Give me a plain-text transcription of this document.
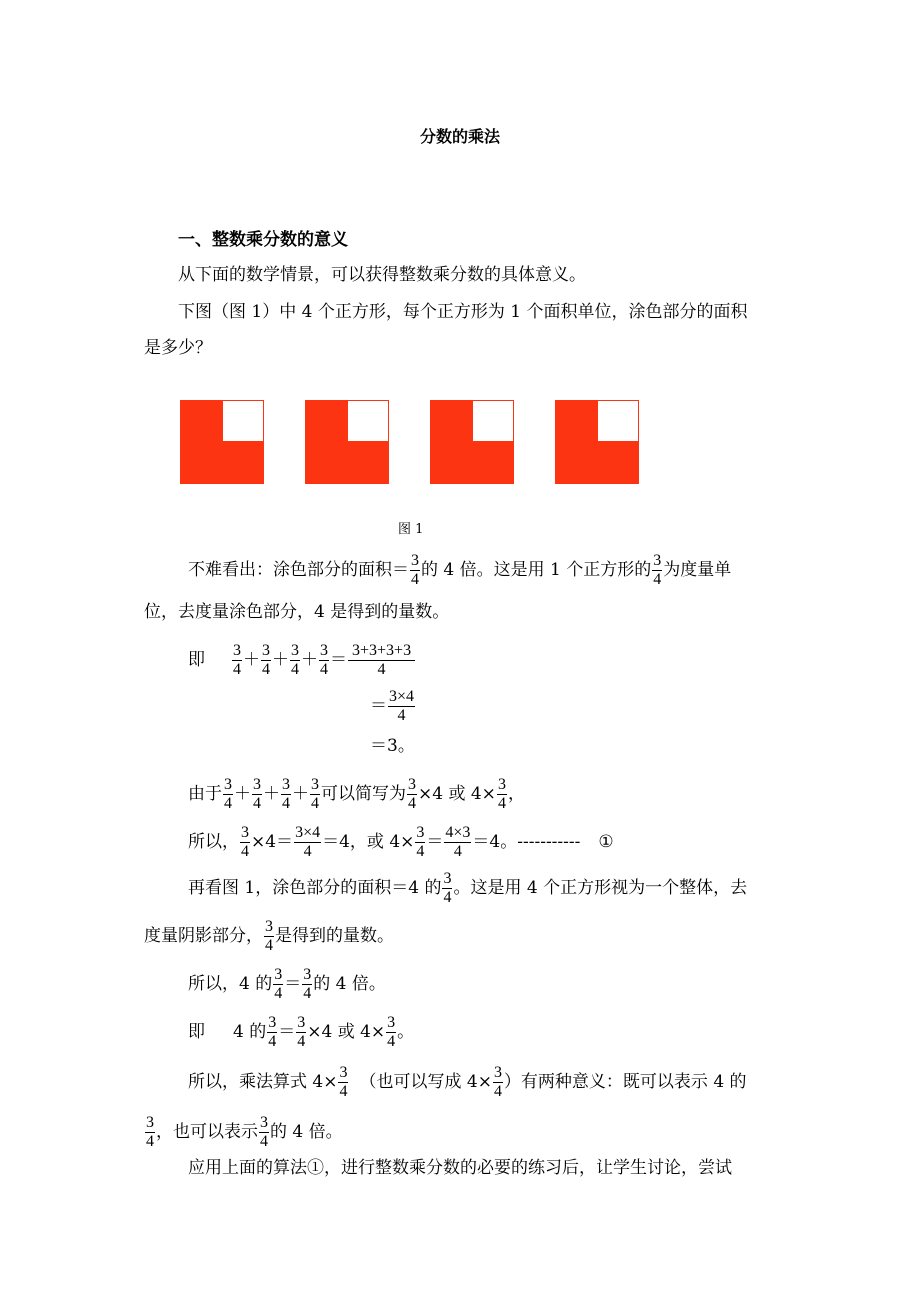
分数的乘法
一、整数乘分数的意义
从下面的数学情景，可以获得整数乘分数的具体意义。
下图（图 1）中 4 个正方形，每个正方形为 1 个面积单位，涂色部分的面积
是多少？
图 1
不难看出：涂色部分的面积＝ $\frac{3}{4}$ 的 4 倍。这是用 1 个正方形的 $\frac{3}{4}$ 为度量单
位，去度量涂色部分，4 是得到的量数。
即 $\frac{3}{4} + \frac{3}{4} + \frac{3}{4} + \frac{3}{4} = \frac{3+3+3+3}{4}$
＝ $\frac{3\times 4}{4}$
＝3。
由于 $\frac{3}{4} + \frac{3}{4} + \frac{3}{4} + \frac{3}{4}$ 可以简写为 $\frac{3}{4} \times 4$ 或 $4\times \frac{3}{4}$ ，
所以， $\frac{3}{4} \times 4= \frac{3\times 4}{4} =4$，或 $4\times \frac{3}{4} = \frac{4\times 3}{4} =4$。----------- ①
再看图 1，涂色部分的面积＝4 的 $\frac{3}{4}$ 。这是用 4 个正方形视为一个整体，去
度量阴影部分， $\frac{3}{4}$ 是得到的量数。
所以，4 的 $\frac{3}{4} = \frac{3}{4}$ 的 4 倍。
即 4 的 $\frac{3}{4} = \frac{3}{4} \times 4$ 或 $4\times \frac{3}{4}$ 。
所以，乘法算式 $4\times \frac{3}{4}$ （也可以写成 $4\times \frac{3}{4}$ ）有两种意义：既可以表示 4 的
$\frac{3}{4}$ ，也可以表示 $\frac{3}{4}$ 的 4 倍。
应用上面的算法①，进行整数乘分数的必要的练习后，让学生讨论，尝试
